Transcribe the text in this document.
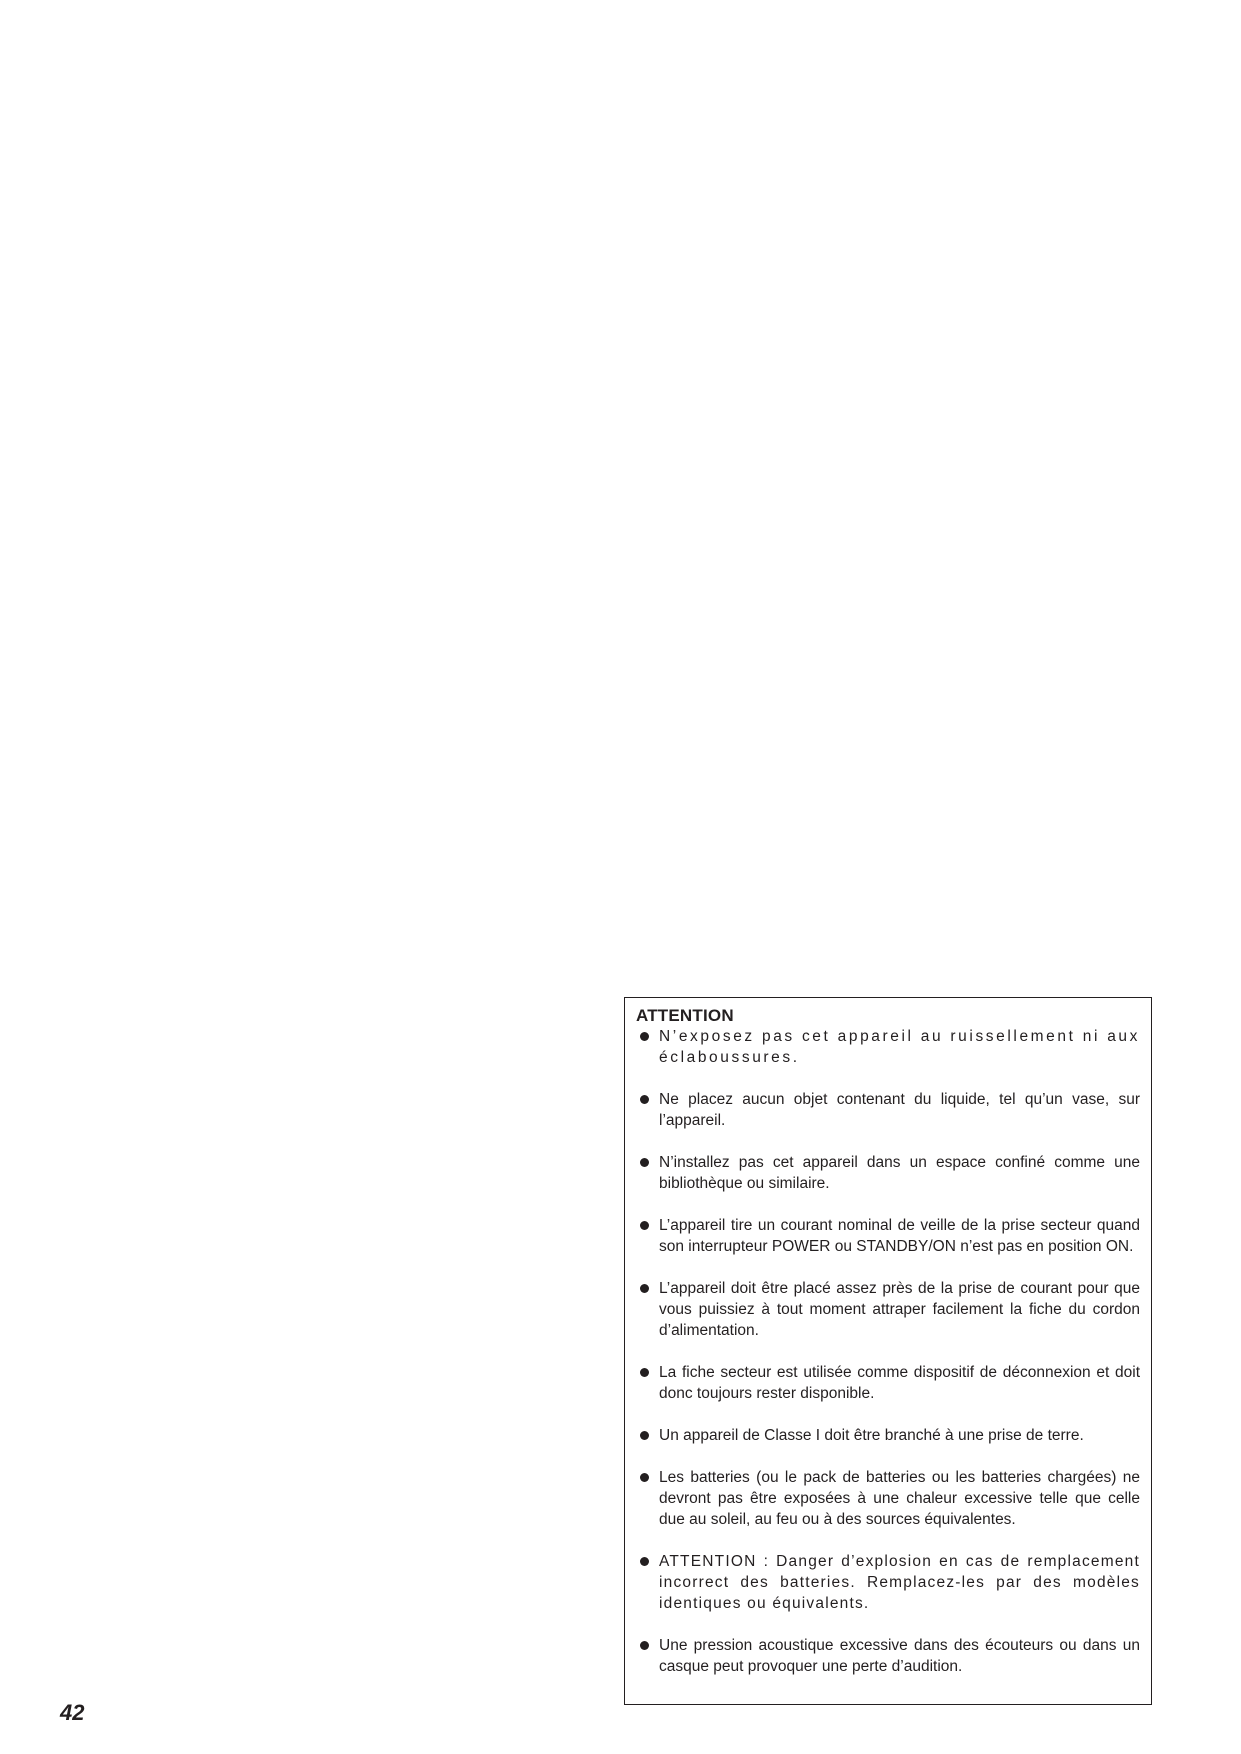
ATTENTION
N’exposez pas cet appareil au ruissellement ni aux éclaboussures.
Ne placez aucun objet contenant du liquide, tel qu’un vase, sur l’appareil.
N’installez pas cet appareil dans un espace confiné comme une bibliothèque ou similaire.
L’appareil tire un courant nominal de veille de la prise secteur quand son interrupteur POWER ou STANDBY/ON n’est pas en position ON.
L’appareil doit être placé assez près de la prise de courant pour que vous puissiez à tout moment attraper facilement la fiche du cordon d’alimentation.
La fiche secteur est utilisée comme dispositif de déconnexion et doit donc toujours rester disponible.
Un appareil de Classe I doit être branché à une prise de terre.
Les batteries (ou le pack de batteries ou les batteries chargées) ne devront pas être exposées à une chaleur excessive telle que celle due au soleil, au feu ou à des sources équivalentes.
ATTENTION : Danger d’explosion en cas de remplacement incorrect des batteries. Remplacez-les par des modèles identiques ou équivalents.
Une pression acoustique excessive dans des écouteurs ou dans un casque peut provoquer une perte d’audition.
42
